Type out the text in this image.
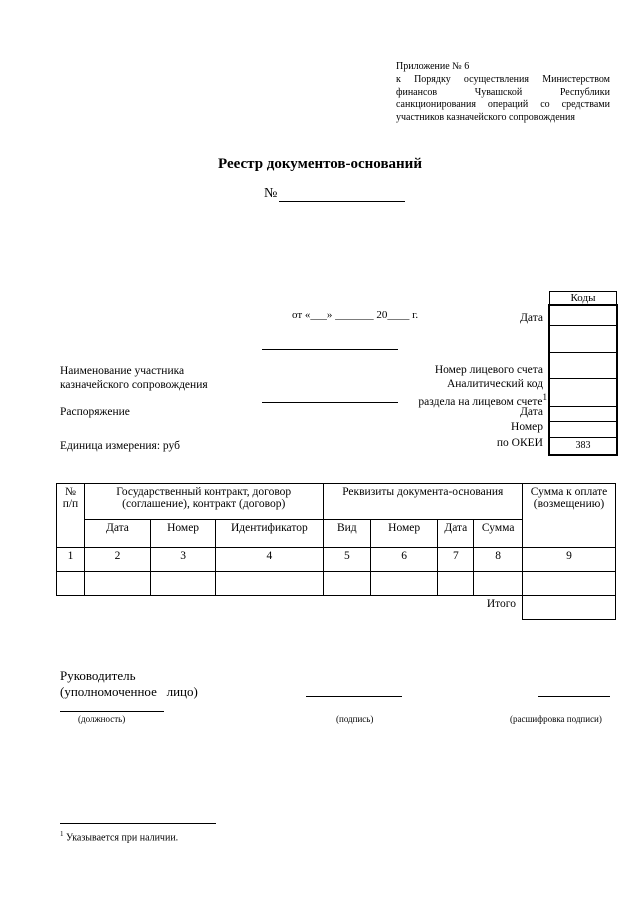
Приложение № 6
к Порядку осуществления Министерством
финансов Чувашской Республики
санкционирования операций со средствами
участников казначейского сопровождения
Реестр документов-оснований
№
от «___» _______ 20____ г.
Наименование участника
казначейского сопровождения
Распоряжение
Единица измерения: руб
Дата
Номер лицевого счета
Аналитический код
раздела на лицевом счете$^1$
Дата
Номер
по ОКЕИ
Коды
383
№ п/п	Государственный контракт, договор (соглашение), контракт (договор)			Реквизиты документа-основания				Сумма к оплате (возмещению)
	Дата	Номер	Идентификатор	Вид	Номер	Дата	Сумма	
1	2	3	4	5	6	7	8	9

Итого								
Руководитель
(уполномоченное   лицо)
(должность)	(подпись)	(расшифровка подписи)
$^1$ Указывается при наличии.
